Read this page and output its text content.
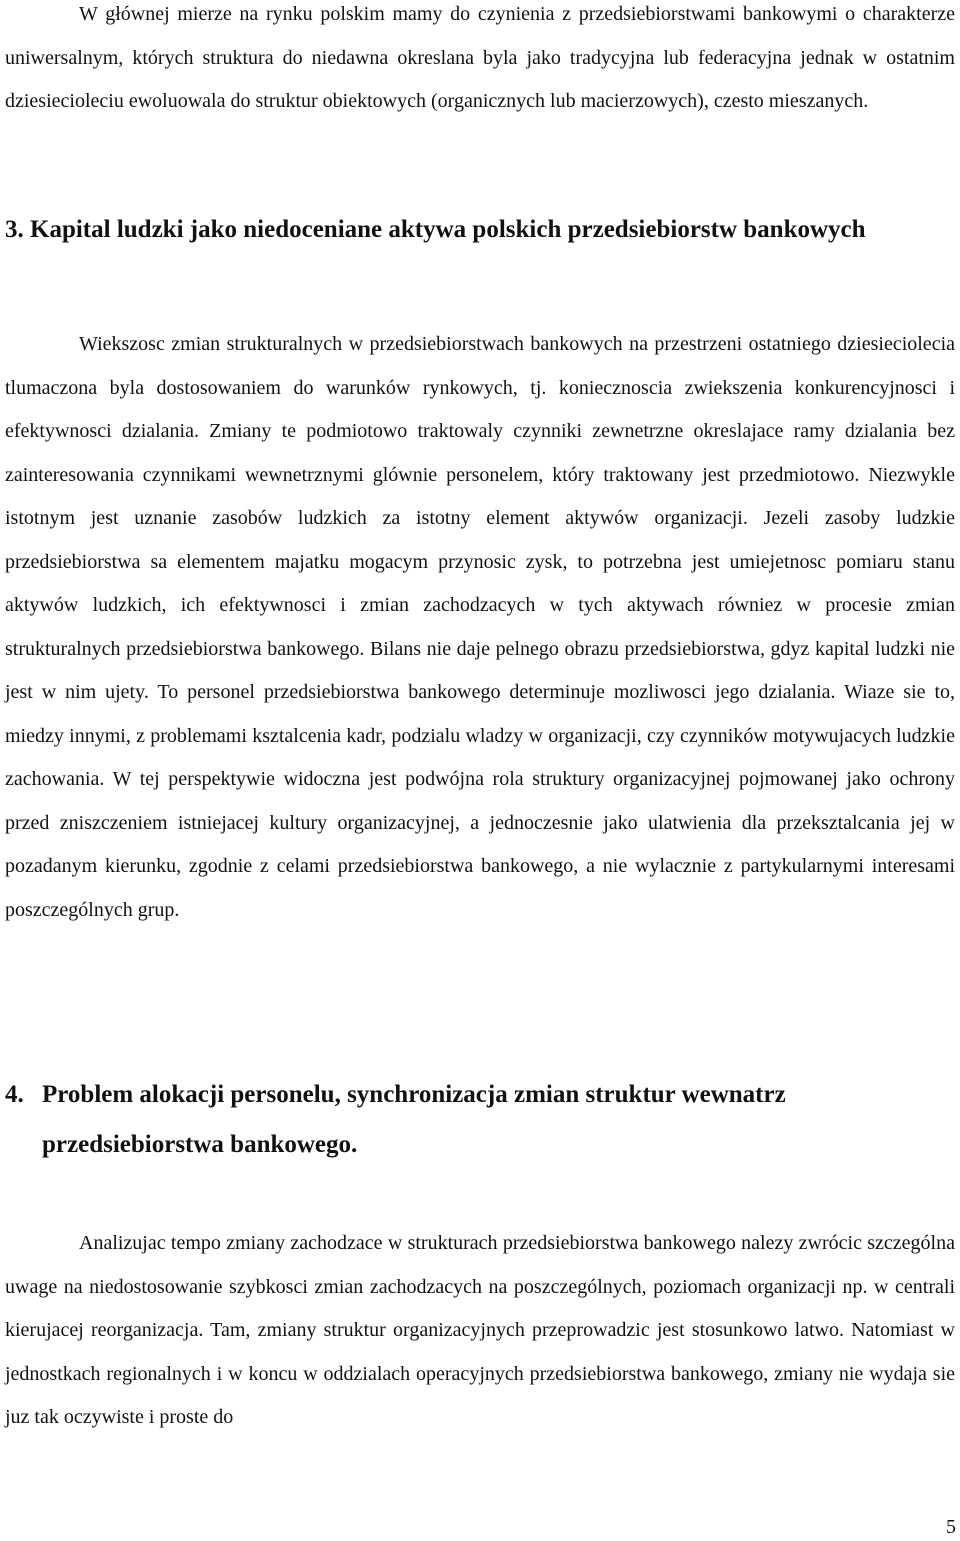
W głównej mierze na rynku polskim mamy do czynienia z przedsiebiorstwami bankowymi o charakterze uniwersalnym, których struktura do niedawna okreslana byla jako tradycyjna lub federacyjna jednak w ostatnim dziesiecioleciu ewoluowala do struktur obiektowych (organicznych lub macierzowych), czesto mieszanych.

3. Kapital ludzki jako niedoceniane aktywa polskich przedsiebiorstw bankowych

Wiekszosc zmian strukturalnych w przedsiebiorstwach bankowych na przestrzeni ostatniego dziesieciolecia tlumaczona byla dostosowaniem do warunków rynkowych, tj. koniecznoscia zwiekszenia konkurencyjnosci i efektywnosci dzialania. Zmiany te podmiotowo traktowaly czynniki zewnetrzne okreslajace ramy dzialania bez zainteresowania czynnikami wewnetrznymi glównie personelem, który traktowany jest przedmiotowo. Niezwykle istotnym jest uznanie zasobów ludzkich za istotny element aktywów organizacji. Jezeli zasoby ludzkie przedsiebiorstwa sa elementem majatku mogacym przynosic zysk, to potrzebna jest umiejetnosc pomiaru stanu aktywów ludzkich, ich efektywnosci i zmian zachodzacych w tych aktywach równiez w procesie zmian strukturalnych przedsiebiorstwa bankowego. Bilans nie daje pelnego obrazu przedsiebiorstwa, gdyz kapital ludzki nie jest w nim ujety. To personel przedsiebiorstwa bankowego determinuje mozliwosci jego dzialania. Wiaze sie to, miedzy innymi, z problemami ksztalcenia kadr, podzialu wladzy w organizacji, czy czynników motywujacych ludzkie zachowania. W tej perspektywie widoczna jest podwójna rola struktury organizacyjnej pojmowanej jako ochrony przed zniszczeniem istniejacej kultury organizacyjnej, a jednoczesnie jako ulatwienia dla przeksztalcania jej w pozadanym kierunku, zgodnie z celami przedsiebiorstwa bankowego, a nie wylacznie z partykularnymi interesami poszczególnych grup.

4. Problem alokacji personelu, synchronizacja zmian struktur wewnatrz przedsiebiorstwa bankowego.

Analizujac tempo zmiany zachodzace w strukturach przedsiebiorstwa bankowego nalezy zwrócic szczególna uwage na niedostosowanie szybkosci zmian zachodzacych na poszczególnych, poziomach organizacji np. w centrali kierujacej reorganizacja. Tam, zmiany struktur organizacyjnych przeprowadzic jest stosunkowo latwo. Natomiast w jednostkach regionalnych i w koncu w oddzialach operacyjnych przedsiebiorstwa bankowego, zmiany nie wydaja sie juz tak oczywiste i proste do

5
